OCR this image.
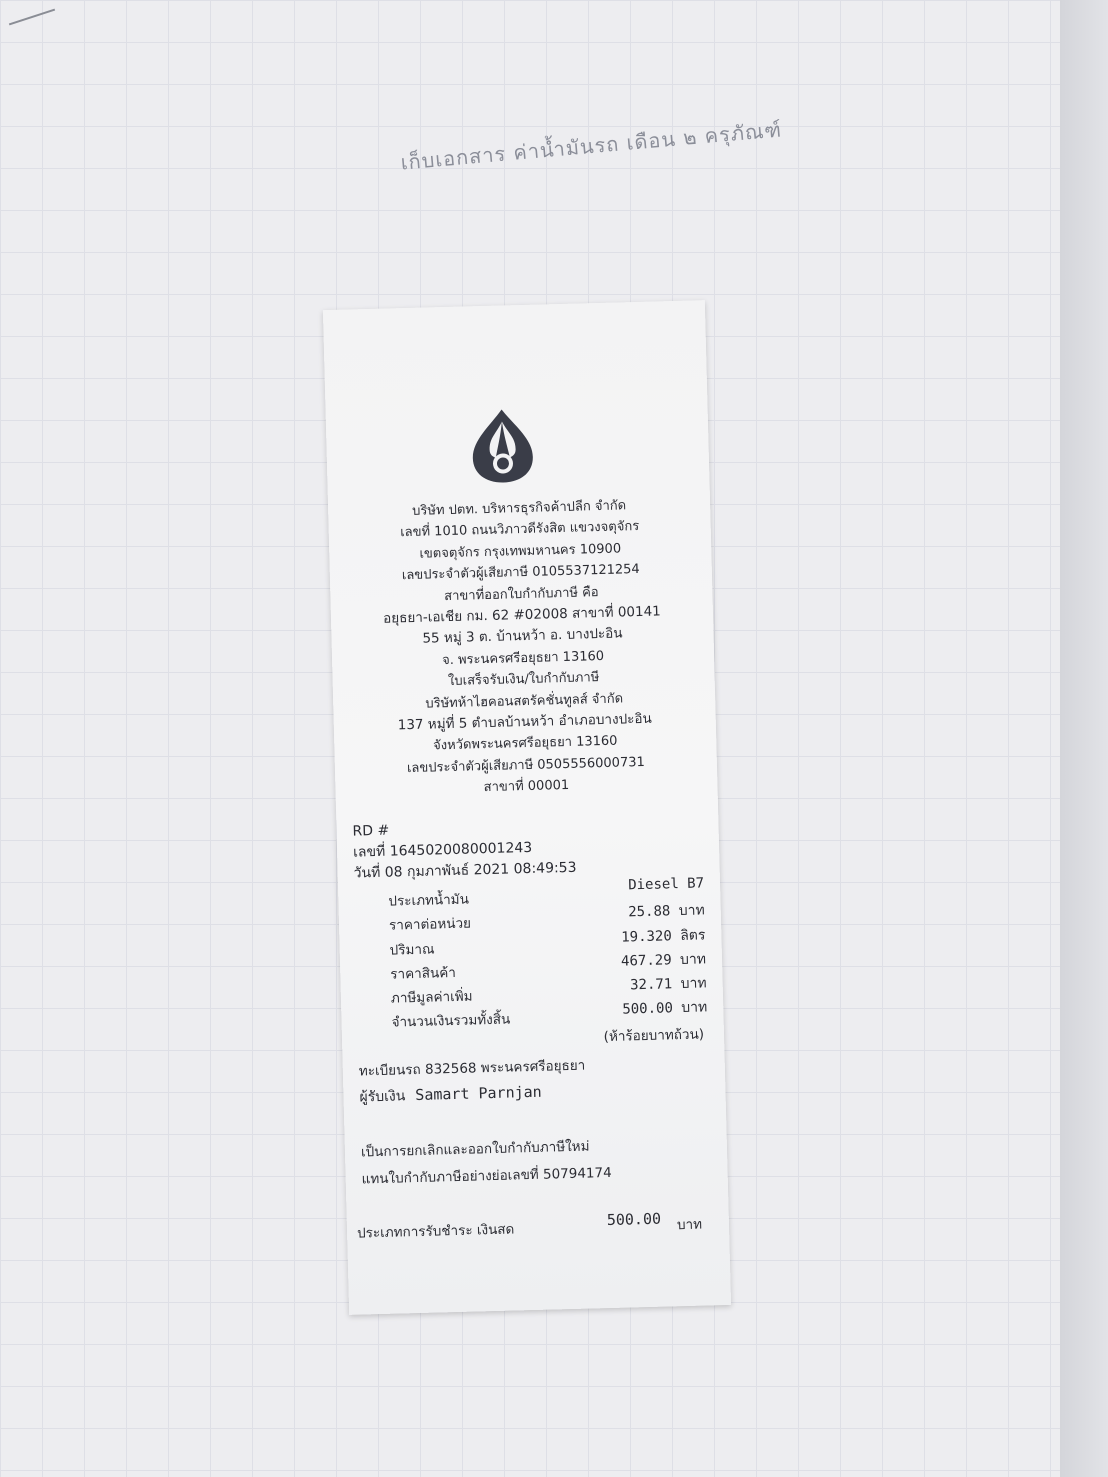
เก็บเอกสาร ค่าน้ำมันรถ เดือน ๒ ครุภัณฑ์
บริษัท ปตท. บริหารธุรกิจค้าปลีก จำกัด
เลขที่ 1010 ถนนวิภาวดีรังสิต แขวงจตุจักร
เขตจตุจักร กรุงเทพมหานคร 10900
เลขประจำตัวผู้เสียภาษี 0105537121254
สาขาที่ออกใบกำกับภาษี คือ
อยุธยา-เอเชีย กม. 62 #02008 สาขาที่ 00141
55 หมู่ 3 ต. บ้านหว้า อ. บางปะอิน
จ. พระนครศรีอยุธยา 13160
ใบเสร็จรับเงิน/ใบกำกับภาษี
บริษัทห้าไฮคอนสตรัคชั่นทูลส์ จำกัด
137 หมู่ที่ 5 ตำบลบ้านหว้า อำเภอบางปะอิน
จังหวัดพระนครศรีอยุธยา 13160
เลขประจำตัวผู้เสียภาษี 0505556000731
สาขาที่ 00001
RD #
เลขที่ 1645020080001243
วันที่ 08 กุมภาพันธ์ 2021 08:49:53
ประเภทน้ำมัน
Diesel B7
ราคาต่อหน่วย
25.88 บาท
ปริมาณ
19.320 ลิตร
ราคาสินค้า
467.29 บาท
ภาษีมูลค่าเพิ่ม
32.71 บาท
จำนวนเงินรวมทั้งสิ้น
500.00 บาท
(ห้าร้อยบาทถ้วน)
ทะเบียนรถ 832568 พระนครศรีอยุธยา
ผู้รับเงิน Samart Parnjan
เป็นการยกเลิกและออกใบกำกับภาษีใหม่
แทนใบกำกับภาษีอย่างย่อเลขที่ 50794174
ประเภทการรับชำระ เงินสด
500.00 บาท
